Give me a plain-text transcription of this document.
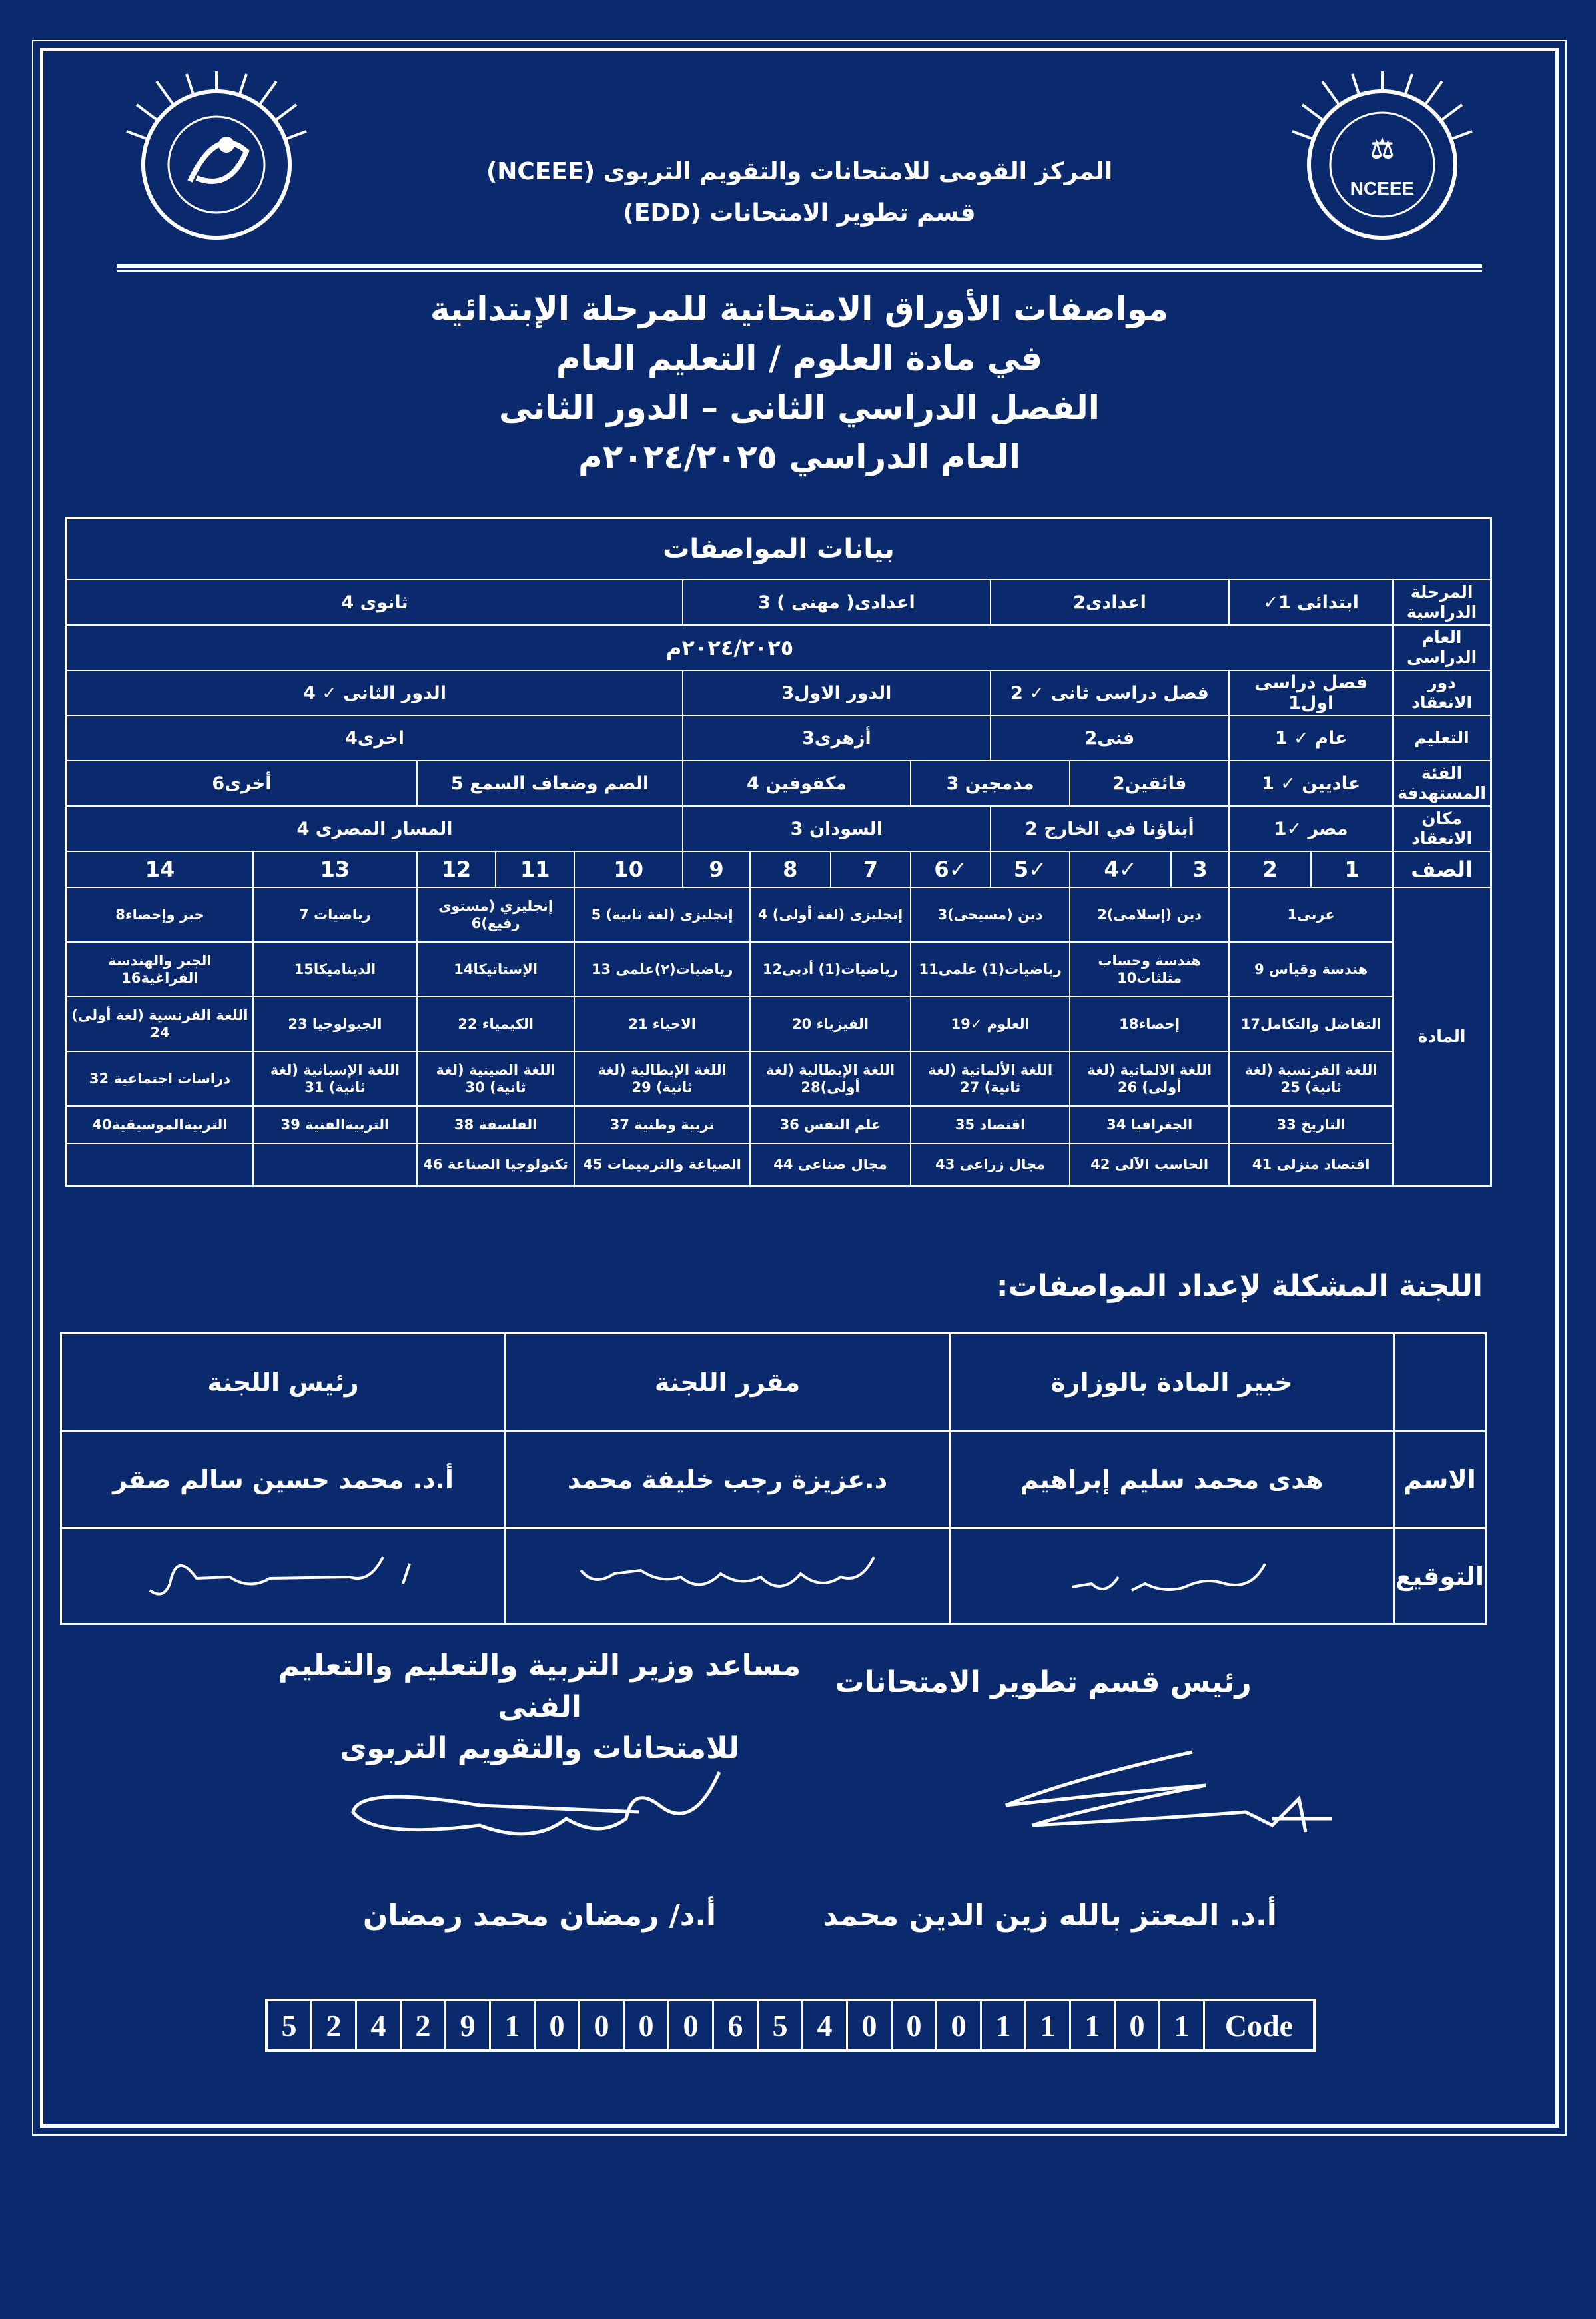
⚖
NCEEE
المركز القومى للامتحانات والتقويم التربوى (NCEEE)
قسم تطوير الامتحانات (EDD)
مواصفات الأوراق الامتحانية للمرحلة الإبتدائية
في مادة العلوم / التعليم العام
الفصل الدراسي الثانى – الدور الثانى
العام الدراسي ٢٠٢٤/٢٠٢٥م
بيانات المواصفات														
المرحلة الدراسية	ابتدائى 1✓		اعدادى2			اعدادى( مهنى ) 3				ثانوى 4				
العام الدراسى	٢٠٢٤/٢٠٢٥م													
دور الانعقاد	فصل دراسى اول1		فصل دراسى ثانى ✓ 2			الدور الاول3				الدور الثانى ✓ 4				
التعليم	عام ✓ 1		فنى2			أزهرى3				اخرى4				
الفئة المستهدفة	عاديين ✓ 1		فائقين2		مدمجين 3		مكفوفين 4			الصم وضعاف السمع 5			أخرى6	
مكان الانعقاد	مصر ✓1		أبناؤنا في الخارج 2			السودان 3				المسار المصرى 4				
الصف	1	2	3	✓4	✓5	✓6	7	8	9	10	11	12	13	14
المادة	عربى1		دين (إسلامى)2		دين (مسيحى)3		إنجليزى (لغة أولى) 4		إنجليزى (لغة ثانية) 5		إنجليزي (مستوى رفيع)6		رياضيات 7	جبر وإحصاء8
	هندسة وقياس 9		هندسة وحساب مثلثات10		رياضيات(1) علمى11		رياضيات(1) أدبى12		رياضيات(٢)علمى 13		الإستاتيكا14		الديناميكا15	الجبر والهندسة الفراغية16
	التفاضل والتكامل17		إحصاء18		العلوم ✓19		الفيزياء 20		الاحياء 21		الكيمياء 22		الجيولوجيا 23	اللغة الفرنسية (لغة أولى) 24
	اللغة الفرنسية (لغة ثانية) 25		اللغة الالمانية (لغة أولى) 26		اللغة الألمانية (لغة ثانية) 27		اللغة الإيطالية (لغة أولى)28		اللغة الإيطالية (لغة ثانية) 29		اللغة الصينية (لغة ثانية) 30		اللغة الإسبانية (لغة ثانية) 31	دراسات اجتماعية 32
	التاريخ 33		الجغرافيا 34		اقتصاد 35		علم النفس 36		تربية وطنية 37		الفلسفة 38		التربيةالفنية 39	التربيةالموسيقية40
	اقتصاد منزلى 41		الحاسب الآلى 42		مجال زراعى 43		مجال صناعى 44		الصياغة والترميمات 45		تكنولوجيا الصناعة 46			
اللجنة المشكلة لإعداد المواصفات:
	خبير المادة بالوزارة	مقرر اللجنة	رئيس اللجنة
الاسم	هدى محمد سليم إبراهيم	د.عزيزة رجب خليفة محمد	أ.د. محمد حسين سالم صقر
التوقيع			
رئيس قسم تطوير الامتحانات
مساعد وزير التربية والتعليم والتعليم الفنى
للامتحانات والتقويم التربوى
أ.د/ رمضان محمد رمضان	أ.د. المعتز بالله زين الدين محمد
Code	1	0	1	1	1	0	0	0	4	5	6	0	0	0	0	1	9	2	4	2	5
